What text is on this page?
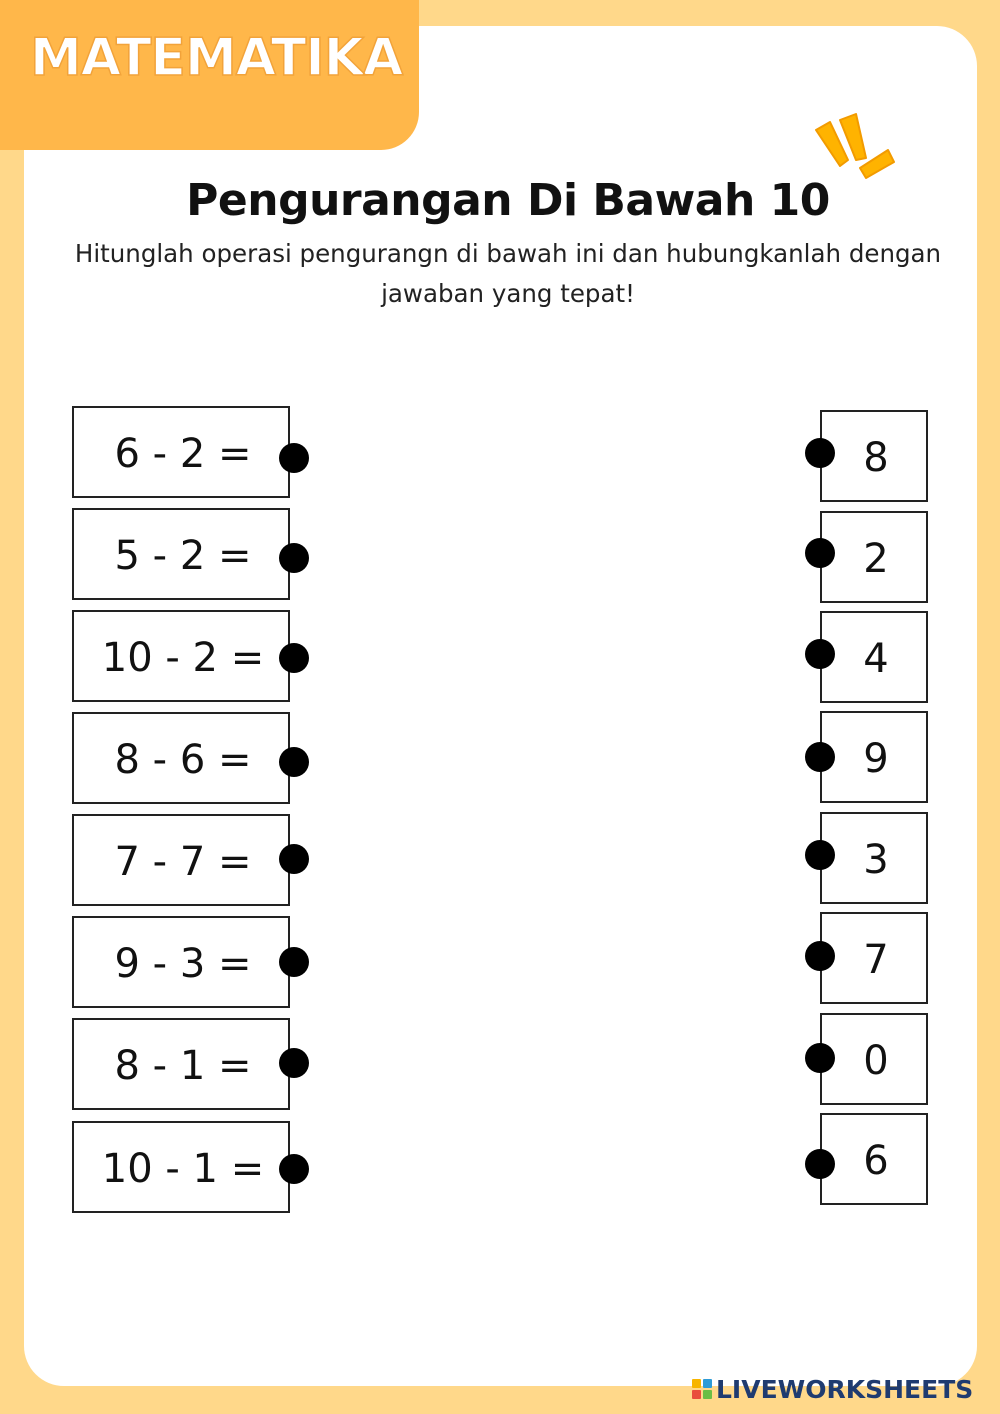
MATEMATIKA
Pengurangan Di Bawah 10
Hitunglah operasi pengurangn di bawah ini dan hubungkanlah dengan jawaban yang tepat!
6 - 2 =
5 - 2 =
10 - 2 =
8 - 6 =
7 - 7 =
9 - 3 =
8 - 1 =
10 - 1 =
8
2
4
9
3
7
0
6
LIVEWORKSHEETS
